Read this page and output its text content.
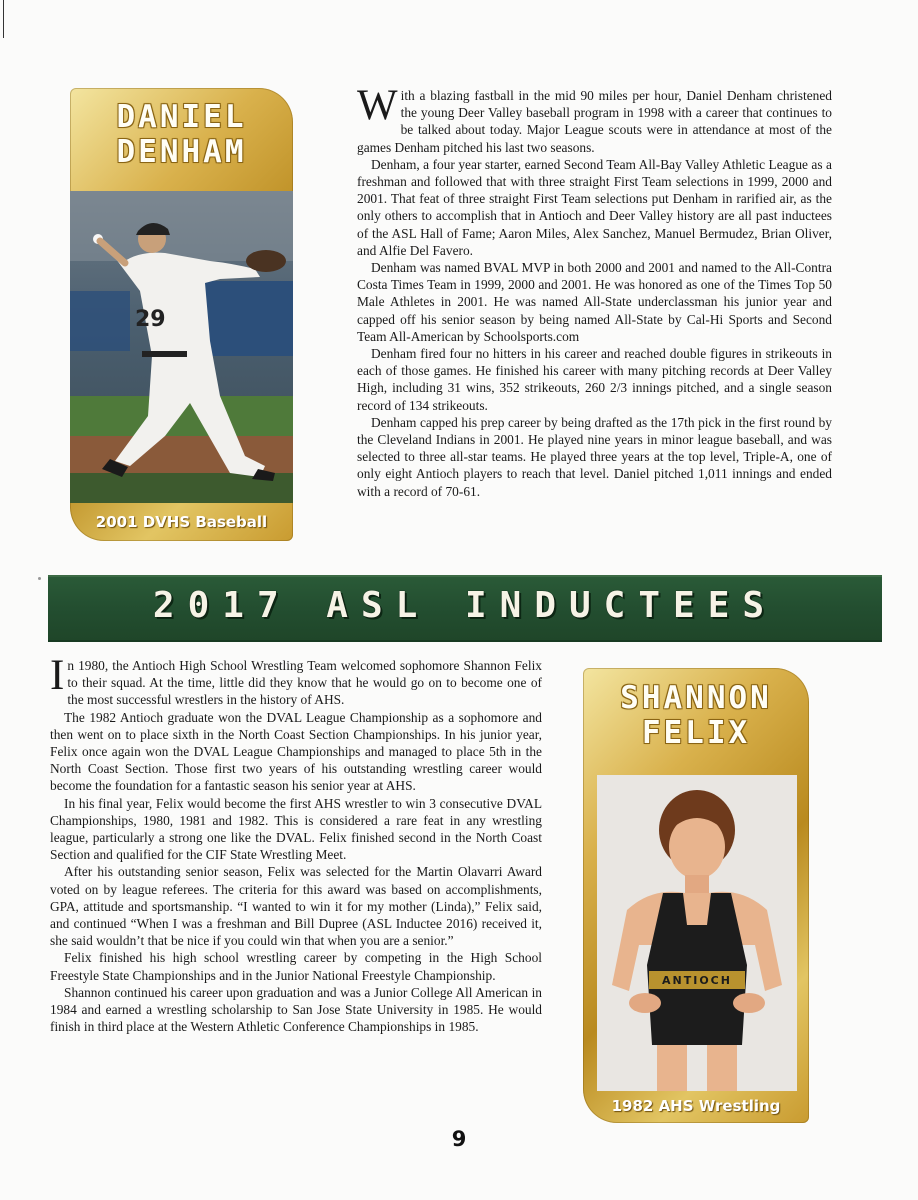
DANIEL
DENHAM
29
2001 DVHS Baseball

With a blazing fastball in the mid 90 miles per hour, Daniel Denham christened the young Deer Valley baseball program in 1998 with a career that continues to be talked about today. Major League scouts were in attendance at most of the games Denham pitched his last two seasons.

Denham, a four year starter, earned Second Team All-Bay Valley Athletic League as a freshman and followed that with three straight First Team selections in 1999, 2000 and 2001. That feat of three straight First Team selections put Denham in rarified air, as the only others to accomplish that in Antioch and Deer Valley history are all past inductees of the ASL Hall of Fame; Aaron Miles, Alex Sanchez, Manuel Bermudez, Brian Oliver, and Alfie Del Favero.

Denham was named BVAL MVP in both 2000 and 2001 and named to the All-Contra Costa Times Team in 1999, 2000 and 2001. He was honored as one of the Times Top 50 Male Athletes in 2001. He was named All-State underclassman his junior year and capped off his senior season by being named All-State by Cal-Hi Sports and Second Team All-American by Schoolsports.com

Denham fired four no hitters in his career and reached double figures in strikeouts in each of those games. He finished his career with many pitching records at Deer Valley High, including 31 wins, 352 strikeouts, 260 2/3 innings pitched, and a single season record of 134 strikeouts.

Denham capped his prep career by being drafted as the 17th pick in the first round by the Cleveland Indians in 2001. He played nine years in minor league baseball, and was selected to three all-star teams. He played three years at the top level, Triple-A, one of only eight Antioch players to reach that level. Daniel pitched 1,011 innings and ended with a record of 70-61.

2017 ASL INDUCTEES

In 1980, the Antioch High School Wrestling Team welcomed sophomore Shannon Felix to their squad. At the time, little did they know that he would go on to become one of the most successful wrestlers in the history of AHS.

The 1982 Antioch graduate won the DVAL League Championship as a sophomore and then went on to place sixth in the North Coast Section Championships. In his junior year, Felix once again won the DVAL League Championships and managed to place 5th in the North Coast Section. Those first two years of his outstanding wrestling career would become the foundation for a fantastic season his senior year at AHS.

In his final year, Felix would become the first AHS wrestler to win 3 consecutive DVAL Championships, 1980, 1981 and 1982. This is considered a rare feat in any wrestling league, particularly a strong one like the DVAL. Felix finished second in the North Coast Section and qualified for the CIF State Wrestling Meet.

After his outstanding senior season, Felix was selected for the Martin Olavarri Award voted on by league referees. The criteria for this award was based on accomplishments, GPA, attitude and sportsmanship. “I wanted to win it for my mother (Linda),” Felix said, and continued “When I was a freshman and Bill Dupree (ASL Inductee 2016) received it, she said wouldn’t that be nice if you could win that when you are a senior.”

Felix finished his high school wrestling career by competing in the High School Freestyle State Championships and in the Junior National Freestyle Championship.

Shannon continued his career upon graduation and was a Junior College All American in 1984 and earned a wrestling scholarship to San Jose State University in 1985. He would finish in third place at the Western Athletic Conference Championships in 1985.

SHANNON
FELIX
ANTIOCH
1982 AHS Wrestling
9
